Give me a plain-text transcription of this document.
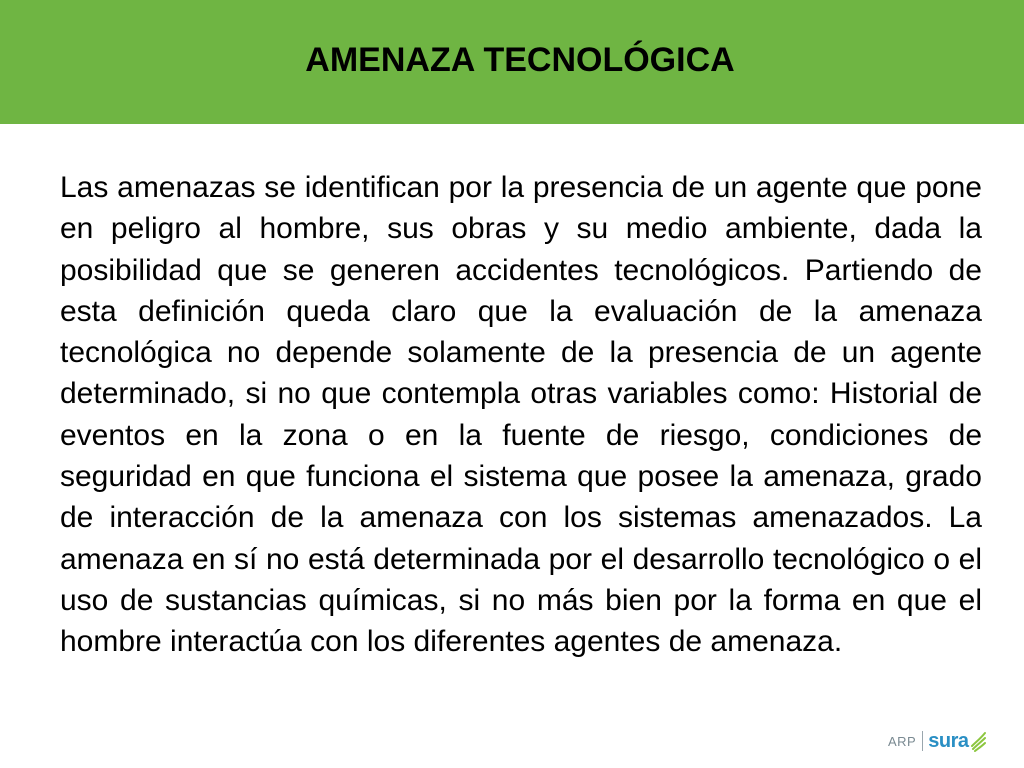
AMENAZA TECNOLÓGICA

Las amenazas se identifican por la presencia de un agente que pone en peligro al hombre, sus obras y su medio ambiente, dada la posibilidad que se generen accidentes tecnológicos. Partiendo de esta definición queda claro que la evaluación de la amenaza tecnológica no depende solamente de la presencia de un agente determinado, si no que contempla otras variables como: Historial de eventos en la zona o en la fuente de riesgo, condiciones de seguridad en que funciona el sistema que posee la amenaza, grado de interacción de la amenaza con los sistemas amenazados. La amenaza en sí no está determinada por el desarrollo tecnológico o el uso de sustancias químicas, si no más bien por la forma en que el hombre interactúa con los diferentes agentes de amenaza.

ARP sura
